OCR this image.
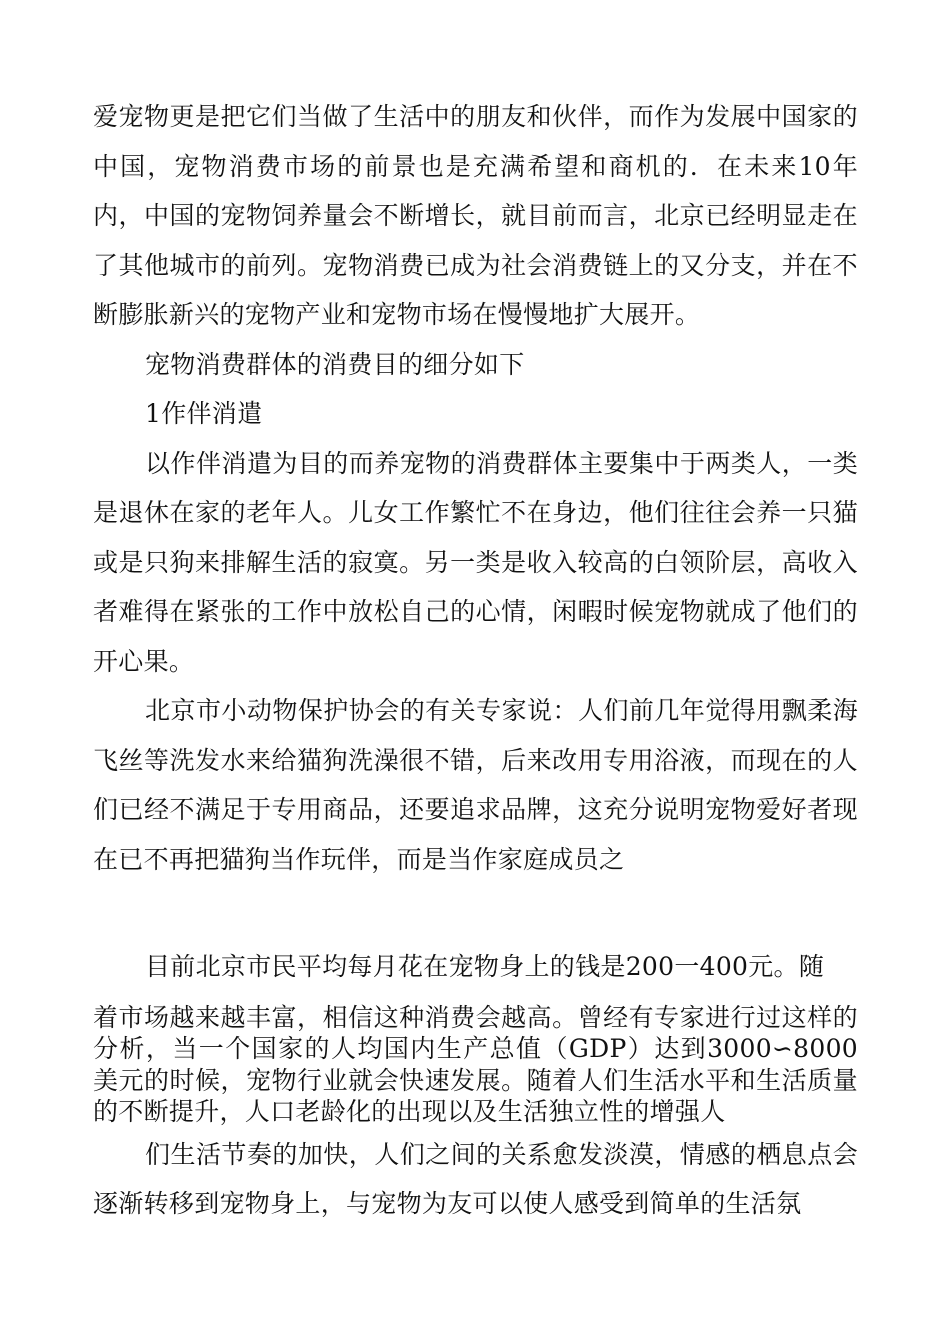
爱宠物更是把它们当做了生活中的朋友和伙伴，而作为发展中国家的中国，宠物消费市场的前景也是充满希望和商机的．在未来10年内，中国的宠物饲养量会不断增长，就目前而言，北京已经明显走在了其他城市的前列。宠物消费已成为社会消费链上的又分支，并在不断膨胀新兴的宠物产业和宠物市场在慢慢地扩大展开。

宠物消费群体的消费目的细分如下

1作伴消遣

以作伴消遣为目的而养宠物的消费群体主要集中于两类人，一类是退休在家的老年人。儿女工作繁忙不在身边，他们往往会养一只猫或是只狗来排解生活的寂寞。另一类是收入较高的白领阶层，高收入者难得在紧张的工作中放松自己的心情，闲暇时候宠物就成了他们的开心果。

北京市小动物保护协会的有关专家说：人们前几年觉得用飘柔海飞丝等洗发水来给猫狗洗澡很不错，后来改用专用浴液，而现在的人们已经不满足于专用商品，还要追求品牌，这充分说明宠物爱好者现在已不再把猫狗当作玩伴，而是当作家庭成员之

目前北京市民平均每月花在宠物身上的钱是200一400元。随

着市场越来越丰富，相信这种消费会越高。曾经有专家进行过这样的分析，当一个国家的人均国内生产总值（GDP）达到3000∽8000美元的时候，宠物行业就会快速发展。随着人们生活水平和生活质量的不断提升，人口老龄化的出现以及生活独立性的增强人

们生活节奏的加快，人们之间的关系愈发淡漠，情感的栖息点会逐渐转移到宠物身上，与宠物为友可以使人感受到简单的生活氛
